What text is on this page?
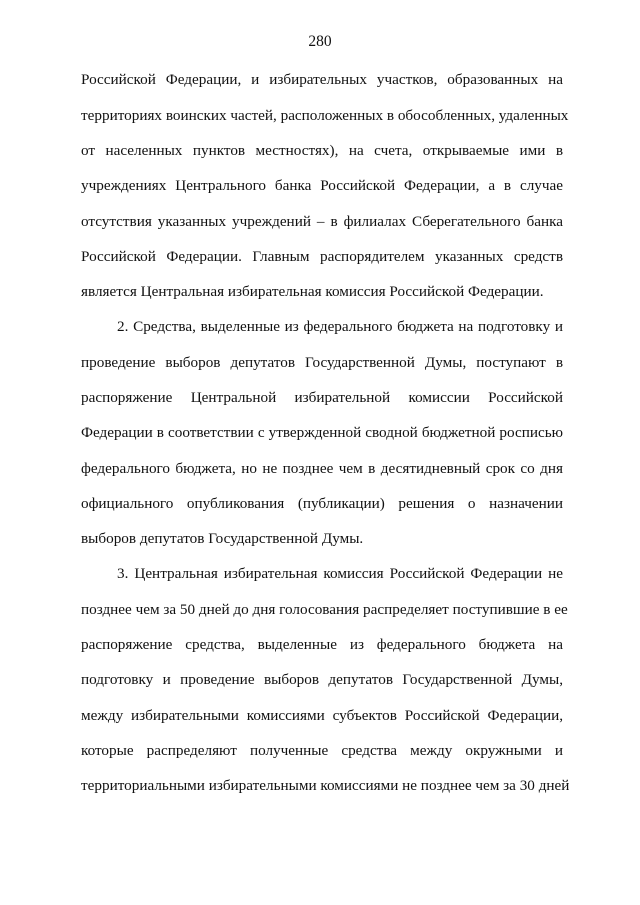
280
Российской Федерации, и избирательных участков, образованных на
территориях воинских частей, расположенных в обособленных, удаленных
от населенных пунктов местностях), на счета, открываемые ими в
учреждениях Центрального банка Российской Федерации, а в случае
отсутствия указанных учреждений – в филиалах Сберегательного банка
Российской Федерации. Главным распорядителем указанных средств
является Центральная избирательная комиссия Российской Федерации.
2. Средства, выделенные из федерального бюджета на подготовку и
проведение выборов депутатов Государственной Думы, поступают в
распоряжение Центральной избирательной комиссии Российской
Федерации в соответствии с утвержденной сводной бюджетной росписью
федерального бюджета, но не позднее чем в десятидневный срок со дня
официального опубликования (публикации) решения о назначении
выборов депутатов Государственной Думы.
3. Центральная избирательная комиссия Российской Федерации не
позднее чем за 50 дней до дня голосования распределяет поступившие в ее
распоряжение средства, выделенные из федерального бюджета на
подготовку и проведение выборов депутатов Государственной Думы,
между избирательными комиссиями субъектов Российской Федерации,
которые распределяют полученные средства между окружными и
территориальными избирательными комиссиями не позднее чем за 30 дней
